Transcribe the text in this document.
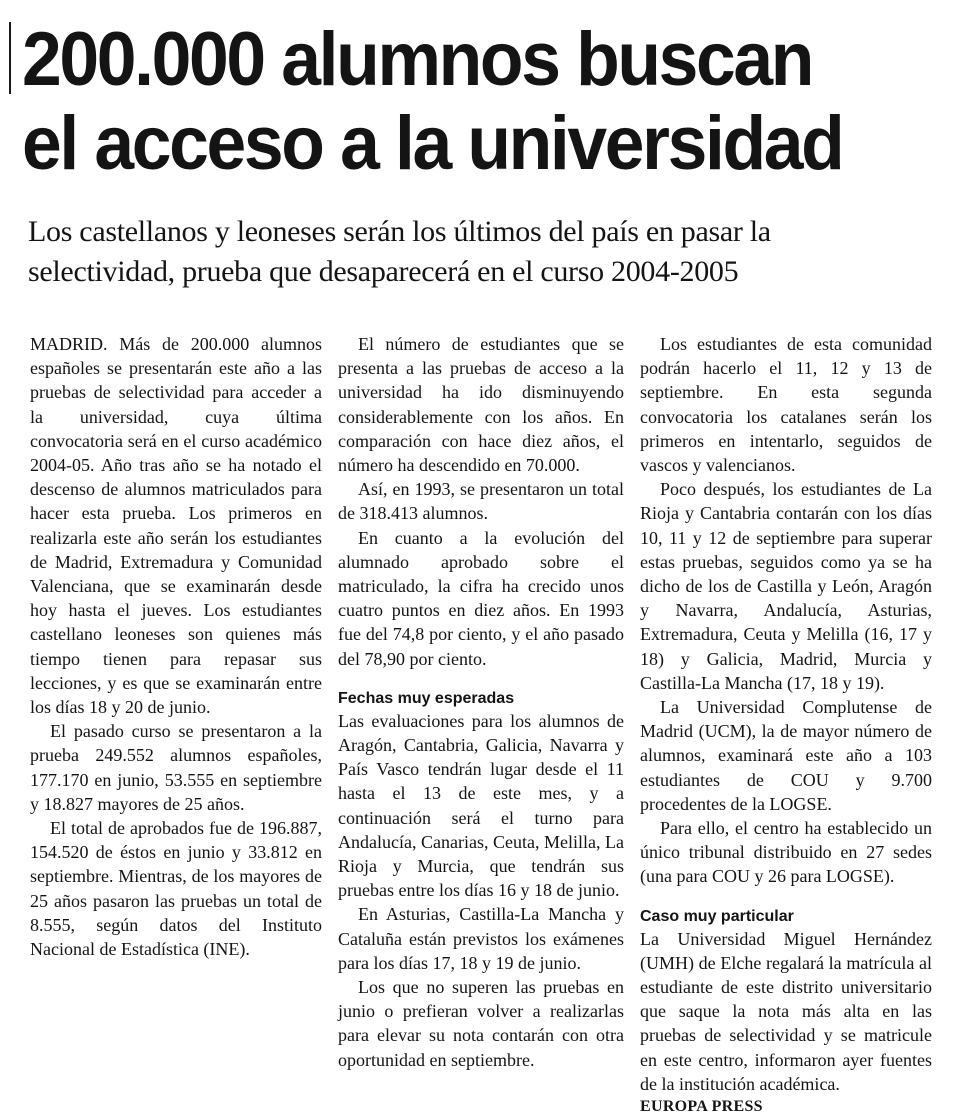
200.000 alumnos buscan
el acceso a la universidad
Los castellanos y leoneses serán los últimos del país en pasar la
selectividad, prueba que desaparecerá en el curso 2004-2005

MADRID. Más de 200.000 alumnos españoles se presentarán este año a las pruebas de selectividad para acceder a la universidad, cuya última convocatoria será en el curso académico 2004-05. Año tras año se ha notado el descenso de alumnos matriculados para hacer esta prueba. Los primeros en realizarla este año serán los estudiantes de Madrid, Extremadura y Comunidad Valenciana, que se examinarán desde hoy hasta el jueves. Los estudiantes castellano leoneses son quienes más tiempo tienen para repasar sus lecciones, y es que se examinarán entre los días 18 y 20 de junio.

El pasado curso se presentaron a la prueba 249.552 alumnos españoles, 177.170 en junio, 53.555 en septiembre y 18.827 mayores de 25 años.

El total de aprobados fue de 196.887, 154.520 de éstos en junio y 33.812 en septiembre. Mientras, de los mayores de 25 años pasaron las pruebas un total de 8.555, según datos del Instituto Nacional de Estadística (INE).

El número de estudiantes que se presenta a las pruebas de acceso a la universidad ha ido disminuyendo considerablemente con los años. En comparación con hace diez años, el número ha descendido en 70.000.

Así, en 1993, se presentaron un total de 318.413 alumnos.

En cuanto a la evolución del alumnado aprobado sobre el matriculado, la cifra ha crecido unos cuatro puntos en diez años. En 1993 fue del 74,8 por ciento, y el año pasado del 78,90 por ciento.

Fechas muy esperadas

Las evaluaciones para los alumnos de Aragón, Cantabria, Galicia, Navarra y País Vasco tendrán lugar desde el 11 hasta el 13 de este mes, y a continuación será el turno para Andalucía, Canarias, Ceuta, Melilla, La Rioja y Murcia, que tendrán sus pruebas entre los días 16 y 18 de junio.

En Asturias, Castilla-La Mancha y Cataluña están previstos los exámenes para los días 17, 18 y 19 de junio.

Los que no superen las pruebas en junio o prefieran volver a realizarlas para elevar su nota contarán con otra oportunidad en septiembre.

Los estudiantes de esta comunidad podrán hacerlo el 11, 12 y 13 de septiembre. En esta segunda convocatoria los catalanes serán los primeros en intentarlo, seguidos de vascos y valencianos.

Poco después, los estudiantes de La Rioja y Cantabria contarán con los días 10, 11 y 12 de septiembre para superar estas pruebas, seguidos como ya se ha dicho de los de Castilla y León, Aragón y Navarra, Andalucía, Asturias, Extremadura, Ceuta y Melilla (16, 17 y 18) y Galicia, Madrid, Murcia y Castilla-La Mancha (17, 18 y 19).

La Universidad Complutense de Madrid (UCM), la de mayor número de alumnos, examinará este año a 103 estudiantes de COU y 9.700 procedentes de la LOGSE.

Para ello, el centro ha establecido un único tribunal distribuido en 27 sedes (una para COU y 26 para LOGSE).

Caso muy particular

La Universidad Miguel Hernández (UMH) de Elche regalará la matrícula al estudiante de este distrito universitario que saque la nota más alta en las pruebas de selectividad y se matricule en este centro, informaron ayer fuentes de la institución académica.

EUROPA PRESS
